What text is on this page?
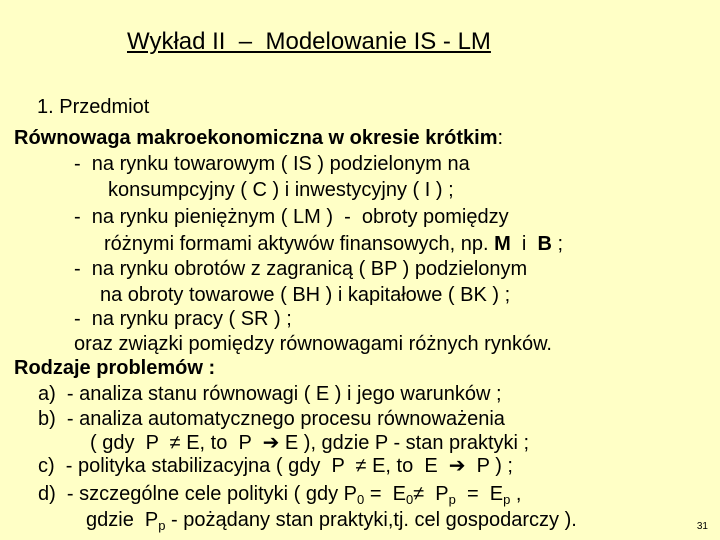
Wykład II  –  Modelowanie IS - LM
1. Przedmiot
Równowaga makroekonomiczna w okresie krótkim:
-  na rynku towarowym ( IS ) podzielonym na
konsumpcyjny ( C ) i inwestycyjny ( I ) ;
-  na rynku pieniężnym ( LM )  -  obroty pomiędzy
różnymi formami aktywów finansowych, np. M  i  B ;
-  na rynku obrotów z zagranicą ( BP ) podzielonym
na obroty towarowe ( BH ) i kapitałowe ( BK ) ;
-  na rynku pracy ( SR ) ;
oraz związki pomiędzy równowagami różnych rynków.
Rodzaje problemów :
a)  - analiza stanu równowagi ( E ) i jego warunków ;
b)  - analiza automatycznego procesu równoważenia
( gdy  P  ≠ E, to  P  ➔ E ), gdzie P - stan praktyki ;
c)  - polityka stabilizacyjna ( gdy  P  ≠ E, to  E  ➔  P ) ;
d)  - szczególne cele polityki ( gdy $P_0 = E_0\ne P_p = E_p$ ,
gdzie  $P_p$ - pożądany stan praktyki,tj. cel gospodarczy ).	31
